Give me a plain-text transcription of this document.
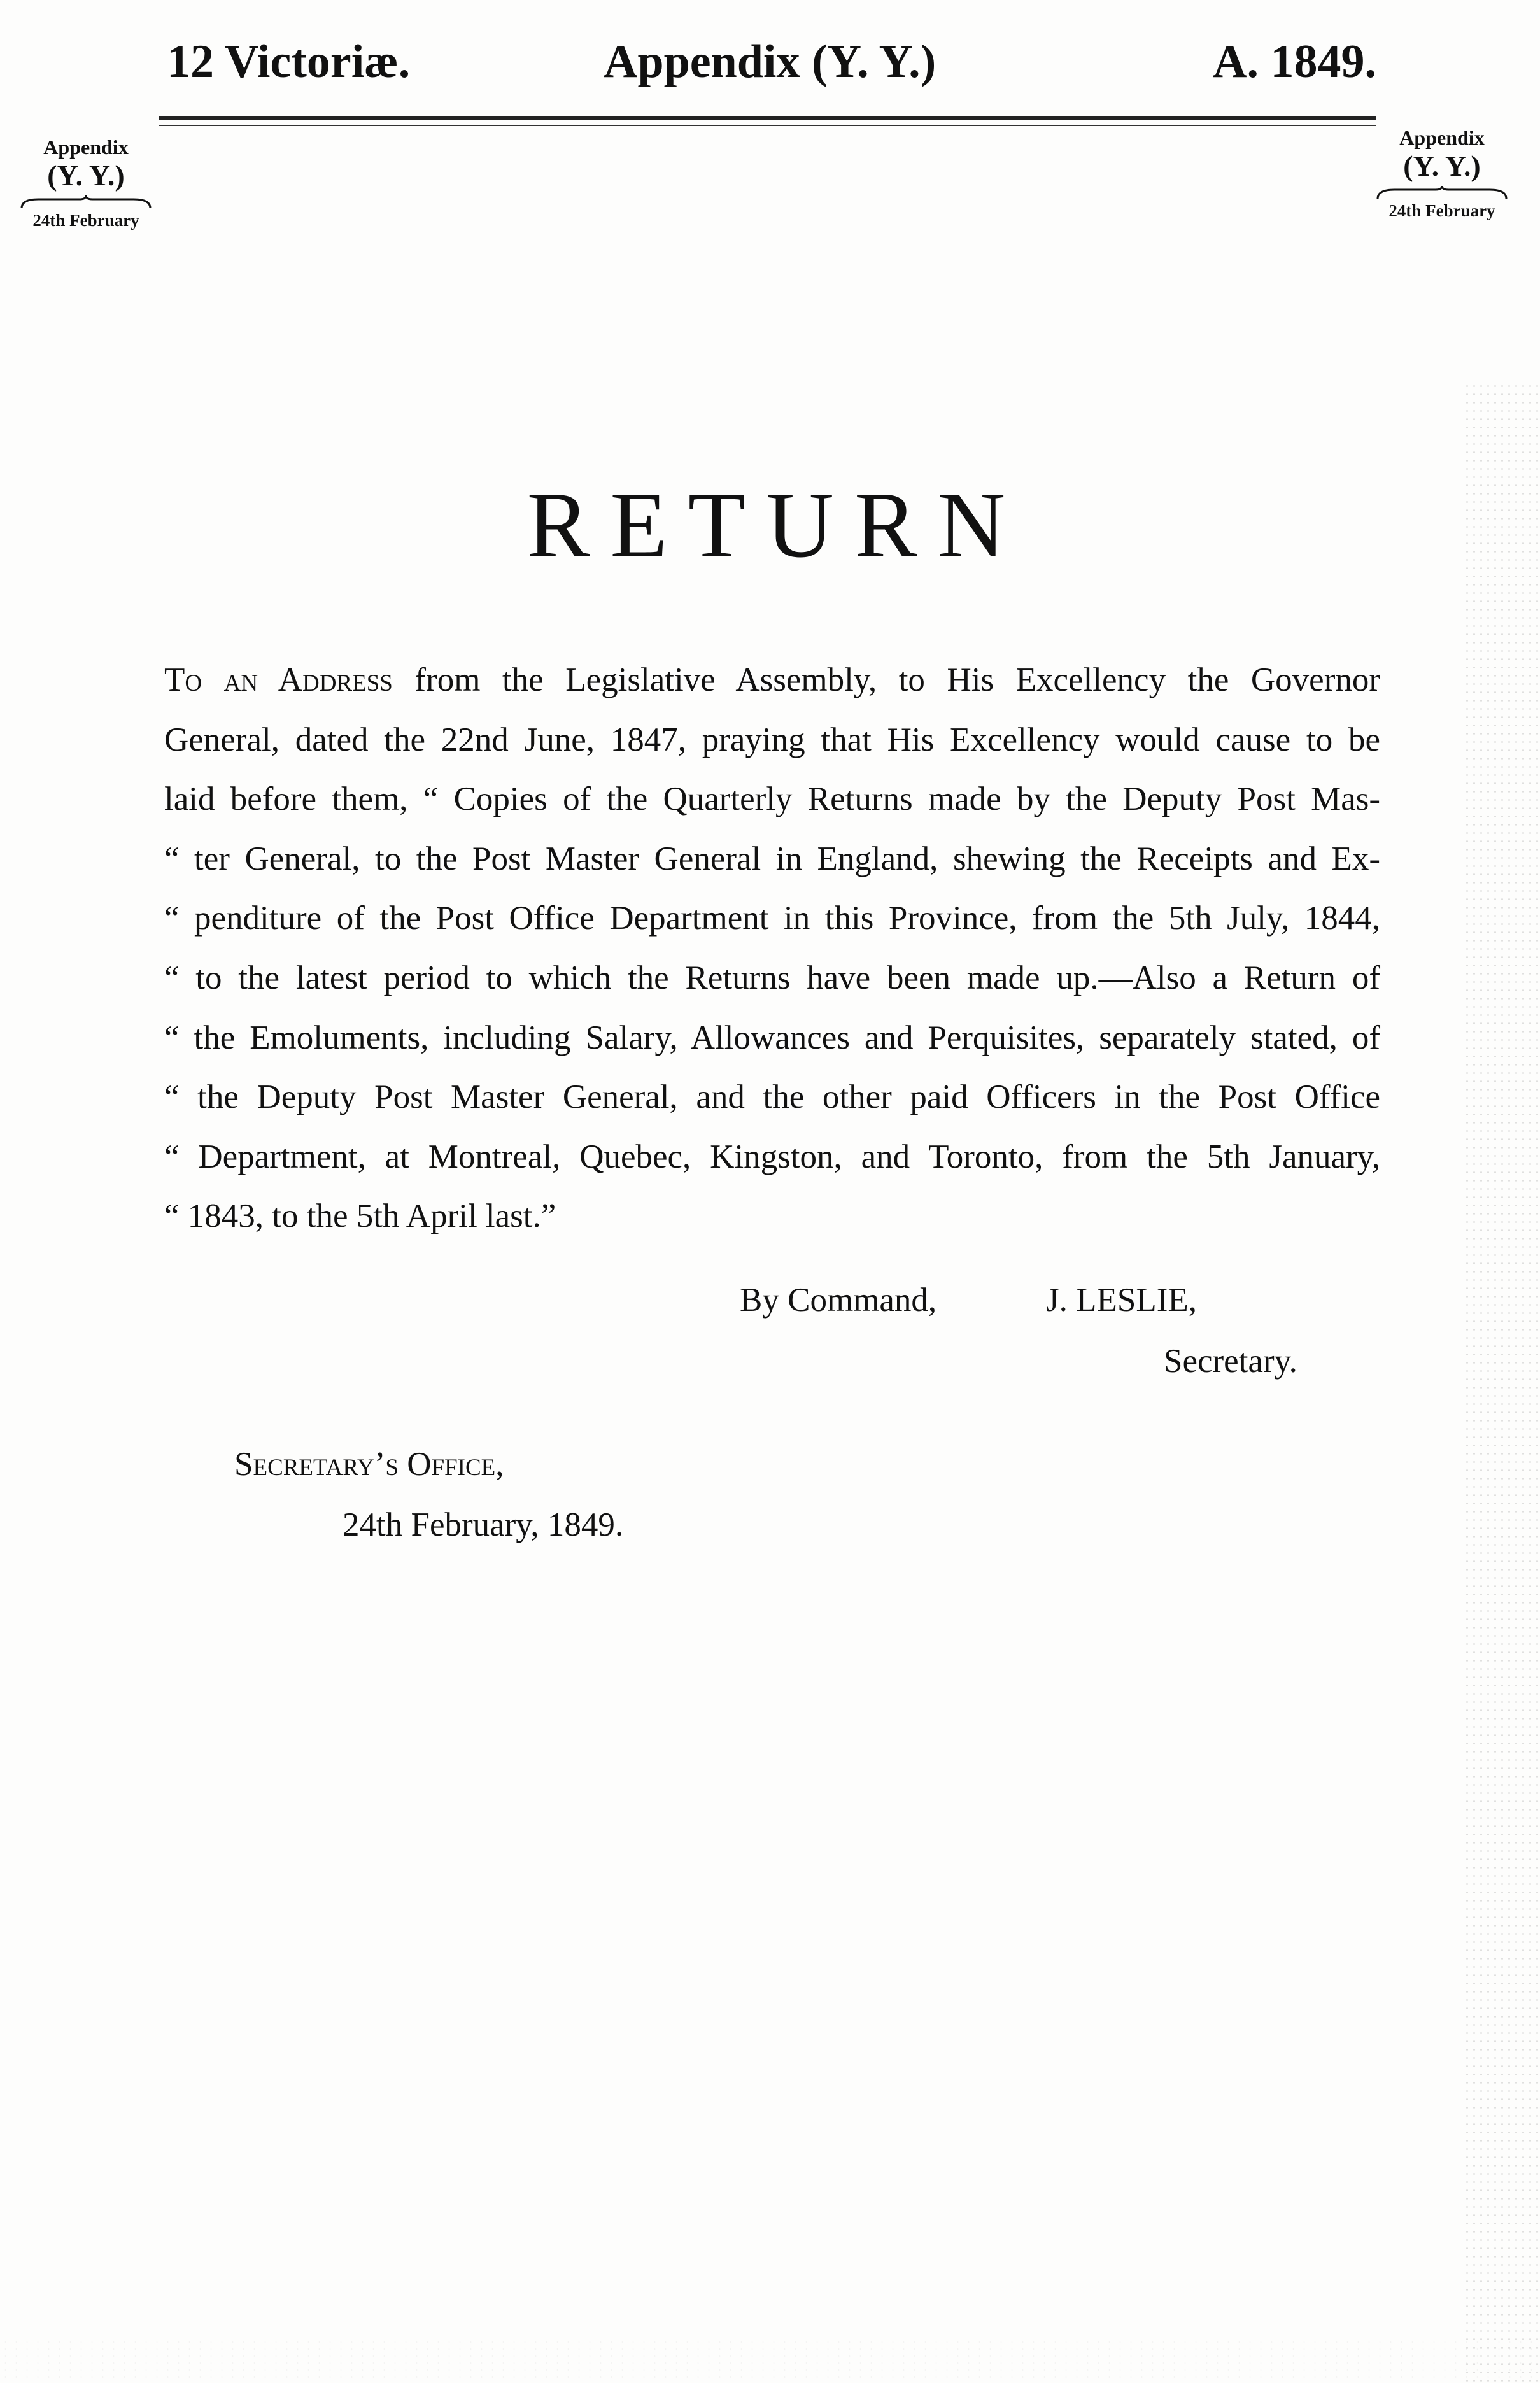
12 Victoriæ.	Appendix (Y. Y.)	A. 1849.
Appendix
(Y. Y.)
24th February
Appendix
(Y. Y.)
24th February
RETURN
To an Address from the Legislative Assembly, to His Excellency the Governor
General, dated the 22nd June, 1847, praying that His Excellency would cause to be
laid before them, “ Copies of the Quarterly Returns made by the Deputy Post Mas-
“ ter General, to the Post Master General in England, shewing the Receipts and Ex-
“ penditure of the Post Office Department in this Province, from the 5th July, 1844,
“ to the latest period to which the Returns have been made up.—Also a Return of
“ the Emoluments, including Salary, Allowances and Perquisites, separately stated, of
“ the Deputy Post Master General, and the other paid Officers in the Post Office
“ Department, at Montreal, Quebec, Kingston, and Toronto, from the 5th January,
“ 1843, to the 5th April last.”
By Command,	J. LESLIE,
Secretary.
Secretary’s Office,
24th February, 1849.
